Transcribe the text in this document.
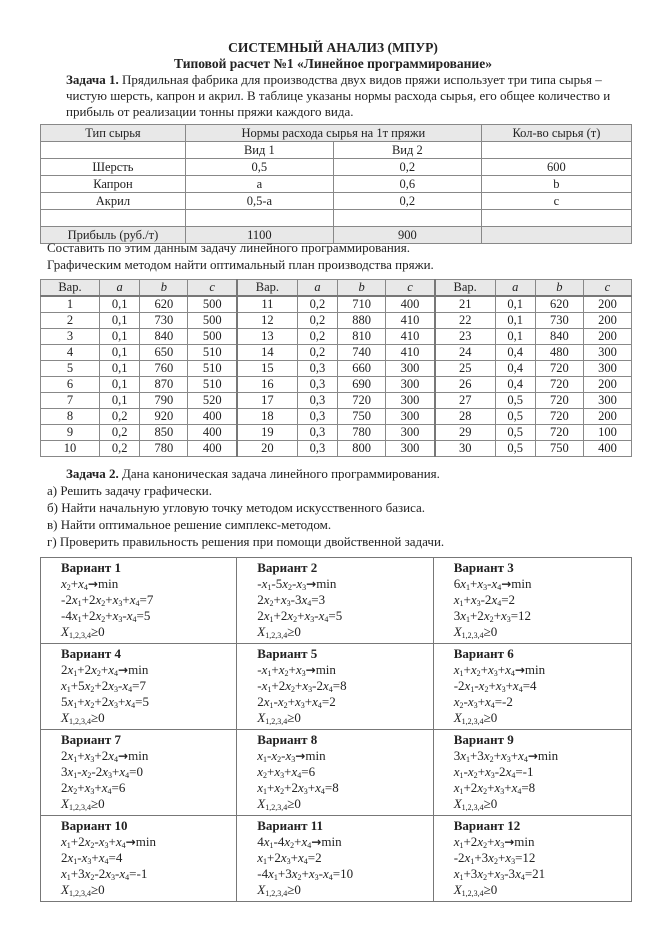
СИСТЕМНЫЙ АНАЛИЗ (МПУР)
Типовой расчет №1 «Линейное программирование»
Задача 1. Прядильная фабрика для производства двух видов пряжи использует три типа сырья – чистую шерсть, капрон и акрил. В таблице указаны нормы расхода сырья, его общее количество и прибыль от реализации тонны пряжи каждого вида.
Тип сырья	Нормы расхода сырья на 1т пряжи		Кол-во сырья (т)
	Вид 1	Вид 2	
Шерсть	0,5	0,2	600
Капрон	a	0,6	b
Акрил	0,5-a	0,2	c

Прибыль (руб./т)	1100	900	
Составить по этим данным задачу линейного программирования.
Графическим методом найти оптимальный план производства пряжи.
Вар.	a	b	c	Вар.	a	b	c	Вар.	a	b	c
1	0,1	620	500	11	0,2	710	400	21	0,1	620	200
2	0,1	730	500	12	0,2	880	410	22	0,1	730	200
3	0,1	840	500	13	0,2	810	410	23	0,1	840	200
4	0,1	650	510	14	0,2	740	410	24	0,4	480	300
5	0,1	760	510	15	0,3	660	300	25	0,4	720	300
6	0,1	870	510	16	0,3	690	300	26	0,4	720	200
7	0,1	790	520	17	0,3	720	300	27	0,5	720	300
8	0,2	920	400	18	0,3	750	300	28	0,5	720	200
9	0,2	850	400	19	0,3	780	300	29	0,5	720	100
10	0,2	780	400	20	0,3	800	300	30	0,5	750	400
Задача 2. Дана каноническая задача линейного программирования.
а) Решить задачу графически.
б) Найти начальную угловую точку методом искусственного базиса.
в) Найти оптимальное решение симплекс-методом.
г) Проверить правильность решения при помощи двойственной задачи.
Вариант 1
$x_2+x_4\to\min$
$-2x_1+2x_2+x_3+x_4=7$
$-4x_1+2x_2+x_3-x_4=5$
$X_{1,2,3,4}\ge 0$

Вариант 2
$-x_1-5x_2-x_3\to\min$
$2x_2+x_3-3x_4=3$
$2x_1+2x_2+x_3-x_4=5$
$X_{1,2,3,4}\ge 0$

Вариант 3
$6x_1+x_3-x_4\to\min$
$x_1+x_3-2x_4=2$
$3x_1+2x_2+x_3=12$
$X_{1,2,3,4}\ge 0$

Вариант 4
$2x_1+2x_2+x_4\to\min$
$x_1+5x_2+2x_3-x_4=7$
$5x_1+x_2+2x_3+x_4=5$
$X_{1,2,3,4}\ge 0$

Вариант 5
$-x_1+x_2+x_3\to\min$
$-x_1+2x_2+x_3-2x_4=8$
$2x_1-x_2+x_3+x_4=2$
$X_{1,2,3,4}\ge 0$

Вариант 6
$x_1+x_2+x_3+x_4\to\min$
$-2x_1-x_2+x_3+x_4=4$
$x_2-x_3+x_4=-2$
$X_{1,2,3,4}\ge 0$

Вариант 7
$2x_1+x_3+2x_4\to\min$
$3x_1-x_2-2x_3+x_4=0$
$2x_2+x_3+x_4=6$
$X_{1,2,3,4}\ge 0$

Вариант 8
$x_1-x_2-x_3\to\min$
$x_2+x_3+x_4=6$
$x_1+x_2+2x_3+x_4=8$
$X_{1,2,3,4}\ge 0$

Вариант 9
$3x_1+3x_2+x_3+x_4\to\min$
$x_1-x_2+x_3-2x_4=-1$
$x_1+2x_2+x_3+x_4=8$
$X_{1,2,3,4}\ge 0$

Вариант 10
$x_1+2x_2-x_3+x_4\to\min$
$2x_1-x_3+x_4=4$
$x_1+3x_2-2x_3-x_4=-1$
$X_{1,2,3,4}\ge 0$

Вариант 11
$4x_1-4x_2+x_4\to\min$
$x_1+2x_3+x_4=2$
$-4x_1+3x_2+x_3-x_4=10$
$X_{1,2,3,4}\ge 0$

Вариант 12
$x_1+2x_2+x_3\to\min$
$-2x_1+3x_2+x_3=12$
$x_1+3x_2+x_3-3x_4=21$
$X_{1,2,3,4}\ge 0$
